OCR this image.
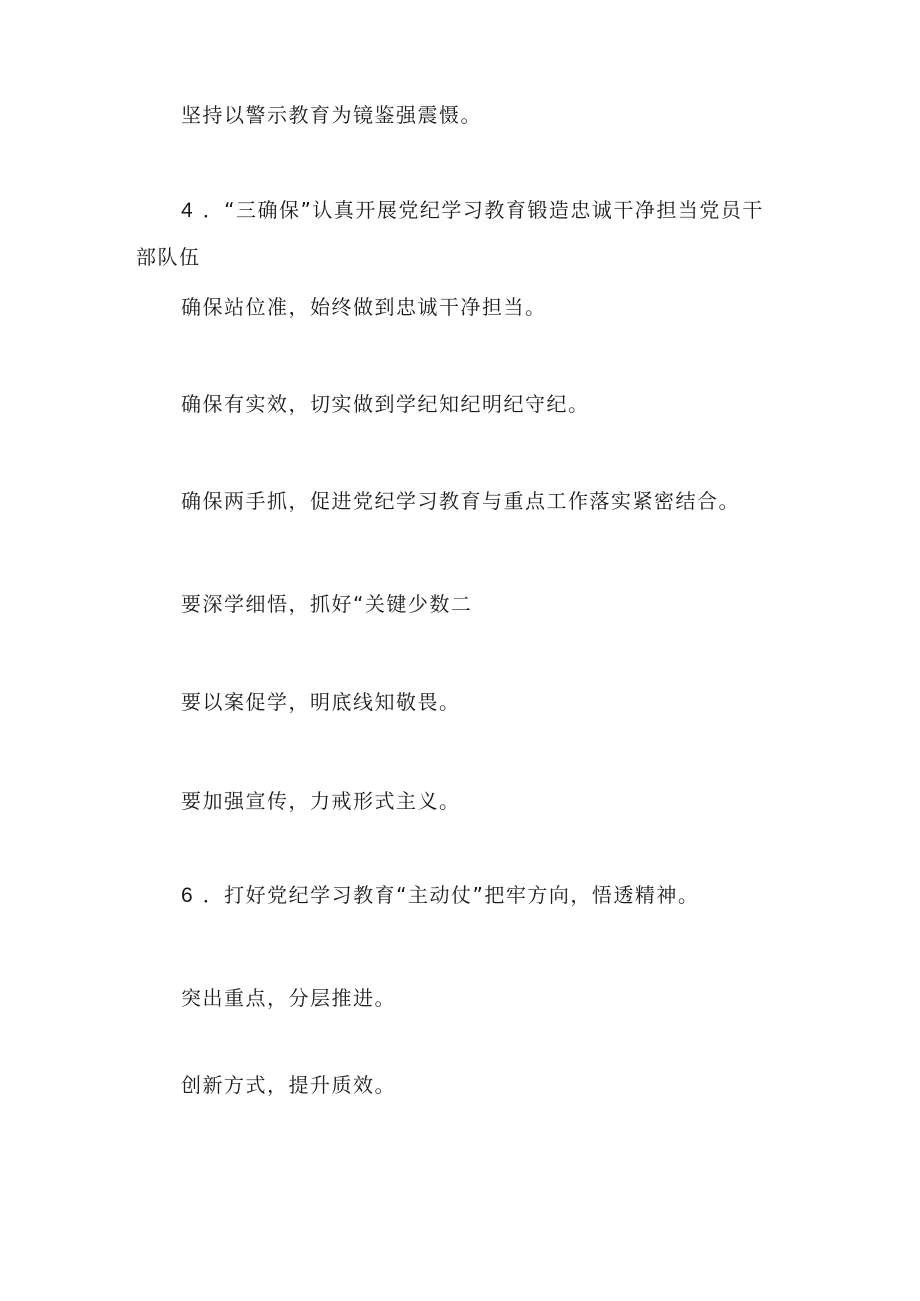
坚持以警示教育为镜鉴强震慑。
4 ．“三确保”认真开展党纪学习教育锻造忠诚干净担当党员干
部队伍
确保站位准，始终做到忠诚干净担当。
确保有实效，切实做到学纪知纪明纪守纪。
确保两手抓，促进党纪学习教育与重点工作落实紧密结合。
要深学细悟，抓好“关键少数二
要以案促学，明底线知敬畏。
要加强宣传，力戒形式主义。
6 ．打好党纪学习教育“主动仗”把牢方向，悟透精神。
突出重点，分层推进。
创新方式，提升质效。
